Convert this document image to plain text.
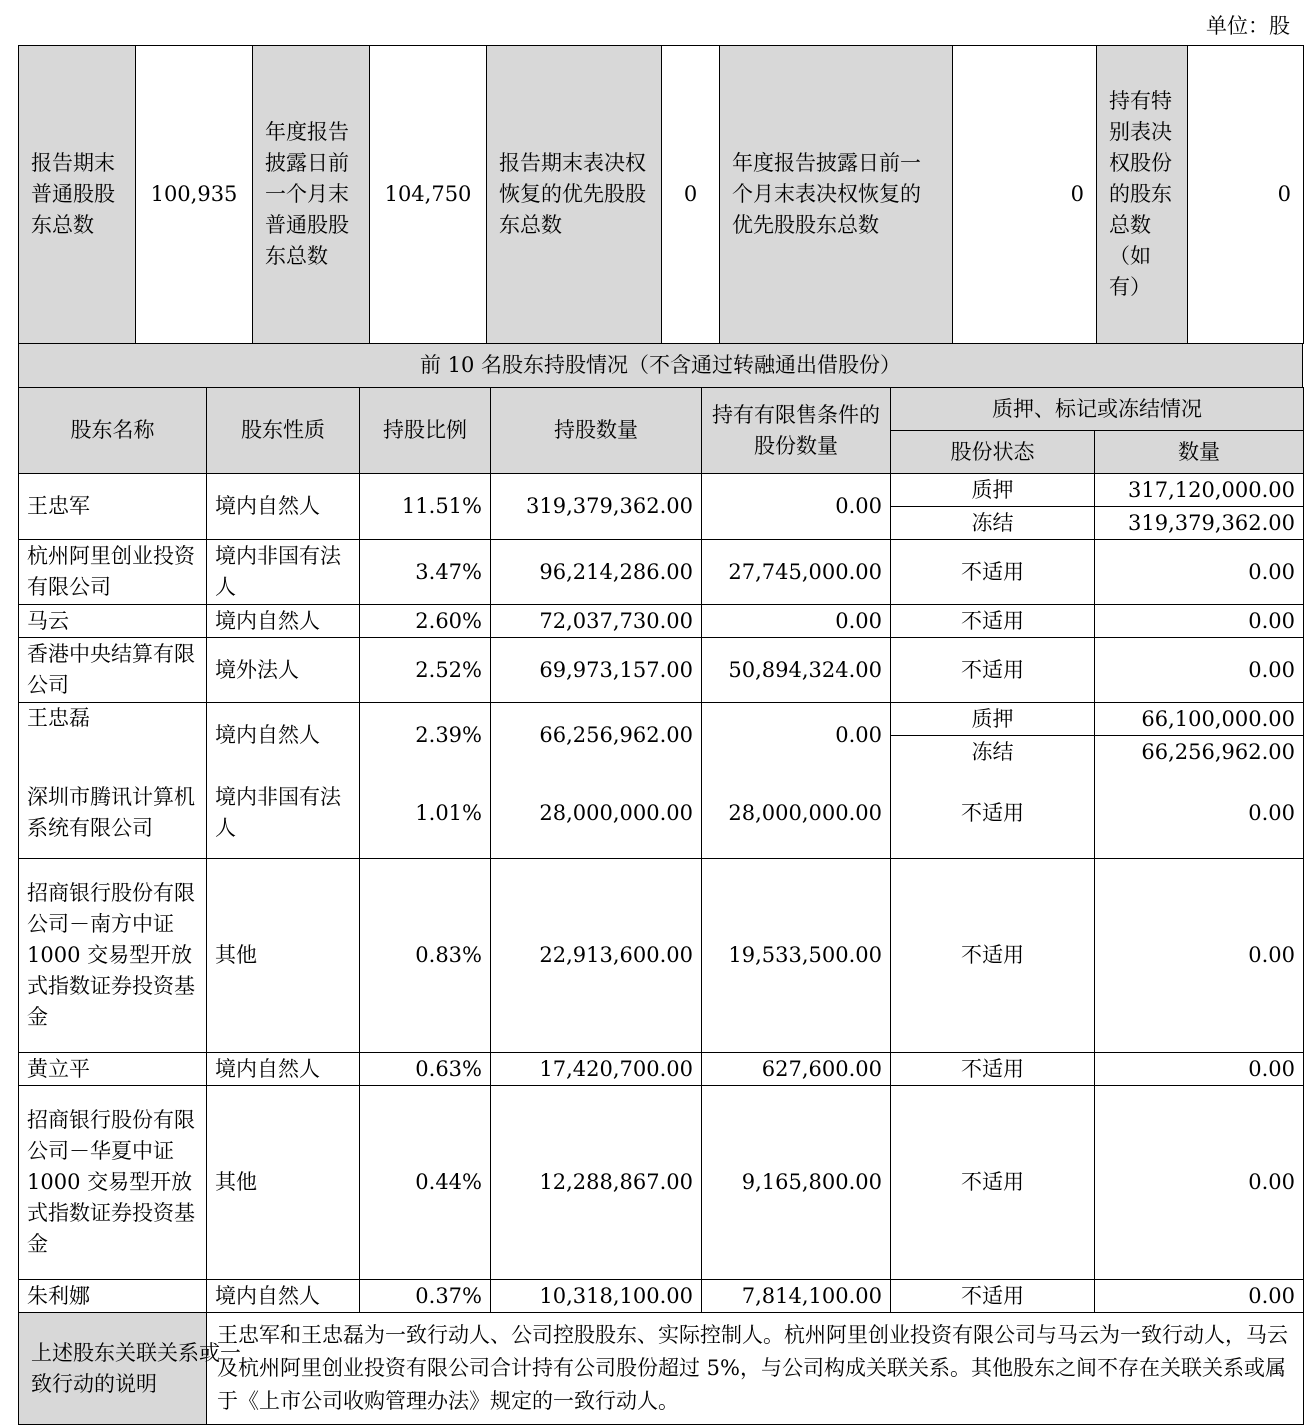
单位：股
报告期末普通股股东总数	100,935	年度报告披露日前一个月末普通股股东总数	104,750	报告期末表决权恢复的优先股股东总数	0	年度报告披露日前一个月末表决权恢复的优先股股东总数	0	持有特别表决权股份的股东总数（如有）	0
前 10 名股东持股情况（不含通过转融通出借股份）
股东名称	股东性质	持股比例	持股数量	持有有限售条件的股份数量	质押、标记或冻结情况	
					股份状态	数量
王忠军	境内自然人	11.51%	319,379,362.00	0.00	质押	317,120,000.00
					冻结	319,379,362.00
杭州阿里创业投资有限公司	境内非国有法人	3.47%	96,214,286.00	27,745,000.00	不适用	0.00
马云	境内自然人	2.60%	72,037,730.00	0.00	不适用	0.00
香港中央结算有限公司	境外法人	2.52%	69,973,157.00	50,894,324.00	不适用	0.00
王忠磊	境内自然人	2.39%	66,256,962.00	0.00	质押	66,100,000.00
					冻结	66,256,962.00
深圳市腾讯计算机系统有限公司	境内非国有法人	1.01%	28,000,000.00	28,000,000.00	不适用	0.00
招商银行股份有限公司－南方中证 1000 交易型开放式指数证券投资基金	其他	0.83%	22,913,600.00	19,533,500.00	不适用	0.00
黄立平	境内自然人	0.63%	17,420,700.00	627,600.00	不适用	0.00
招商银行股份有限公司－华夏中证 1000 交易型开放式指数证券投资基金	其他	0.44%	12,288,867.00	9,165,800.00	不适用	0.00
朱利娜	境内自然人	0.37%	10,318,100.00	7,814,100.00	不适用	0.00

上述股东关联关系或一致行动的说明	王忠军和王忠磊为一致行动人、公司控股股东、实际控制人。杭州阿里创业投资有限公司与马云为一致行动人，马云及杭州阿里创业投资有限公司合计持有公司股份超过 5%，与公司构成关联关系。其他股东之间不存在关联关系或属于《上市公司收购管理办法》规定的一致行动人。					
